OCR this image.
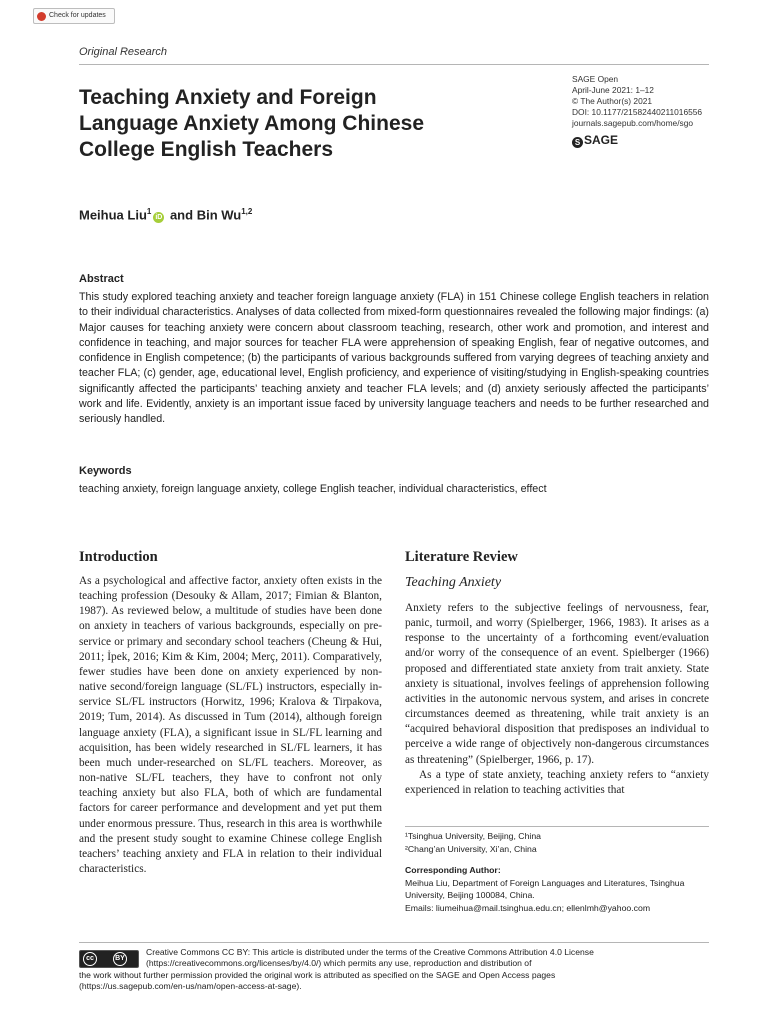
Check for updates
Original Research
Teaching Anxiety and Foreign
Language Anxiety Among Chinese
College English Teachers
SAGE Open
April-June 2021: 1–12
© The Author(s) 2021
DOI: 10.1177/21582440211016556
journals.sagepub.com/home/sgo
S SAGE
Meihua Liu$^1$iD and Bin Wu$^{1,2}$
Abstract
This study explored teaching anxiety and teacher foreign language anxiety (FLA) in 151 Chinese college English teachers in relation to their individual characteristics. Analyses of data collected from mixed-form questionnaires revealed the following major findings: (a) Major causes for teaching anxiety were concern about classroom teaching, research, other work and promotion, and interest and confidence in teaching, and major sources for teacher FLA were apprehension of speaking English, fear of negative outcomes, and confidence in English competence; (b) the participants of various backgrounds suffered from varying degrees of teaching anxiety and teacher FLA; (c) gender, age, educational level, English proficiency, and experience of visiting/studying in English-speaking countries significantly affected the participants’ teaching anxiety and teacher FLA levels; and (d) anxiety seriously affected the participants’ work and life. Evidently, anxiety is an important issue faced by university language teachers and needs to be further researched and seriously handled.
Keywords
teaching anxiety, foreign language anxiety, college English teacher, individual characteristics, effect
Introduction

As a psychological and affective factor, anxiety often exists in the teaching profession (Desouky & Allam, 2017; Fimian & Blanton, 1987). As reviewed below, a multitude of studies have been done on anxiety in teachers of various backgrounds, especially on pre-service or primary and secondary school teachers (Cheung & Hui, 2011; İpek, 2016; Kim & Kim, 2004; Merç, 2011). Comparatively, fewer studies have been done on anxiety experienced by non-native second/foreign language (SL/FL) instructors, especially in-service SL/FL instructors (Horwitz, 1996; Kralova & Tirpakova, 2019; Tum, 2014). As discussed in Tum (2014), although foreign language anxiety (FLA), a significant issue in SL/FL learning and acquisition, has been widely researched in SL/FL learners, it has been much under-researched on SL/FL teachers. Moreover, as non-native SL/FL teachers, they have to confront not only teaching anxiety but also FLA, both of which are fundamental factors for career performance and development and yet put them under enormous pressure. Thus, research in this area is worthwhile and the present study sought to examine Chinese college English teachers’ teaching anxiety and FLA in relation to their individual characteristics.

Literature Review
Teaching Anxiety

Anxiety refers to the subjective feelings of nervousness, fear, panic, turmoil, and worry (Spielberger, 1966, 1983). It arises as a response to the uncertainty of a forthcoming event/evaluation and/or worry of the consequence of an event. Spielberger (1966) proposed and differentiated state anxiety from trait anxiety. State anxiety is situational, involves feelings of apprehension following activities in the autonomic nervous system, and arises in concrete circumstances deemed as threatening, while trait anxiety is an “acquired behavioral disposition that predisposes an individual to perceive a wide range of objectively non-dangerous circumstances as threatening” (Spielberger, 1966, p. 17).

As a type of state anxiety, teaching anxiety refers to “anxiety experienced in relation to teaching activities that

¹Tsinghua University, Beijing, China
²Chang’an University, Xi’an, China
Corresponding Author:
Meihua Liu, Department of Foreign Languages and Literatures, Tsinghua
University, Beijing 100084, China.
Emails: liumeihua@mail.tsinghua.edu.cn; ellenlmh@yahoo.com
cc	BY
Creative Commons CC BY: This article is distributed under the terms of the Creative Commons Attribution 4.0 License
(https://creativecommons.org/licenses/by/4.0/) which permits any use, reproduction and distribution of
the work without further permission provided the original work is attributed as specified on the SAGE and Open Access pages
(https://us.sagepub.com/en-us/nam/open-access-at-sage).
